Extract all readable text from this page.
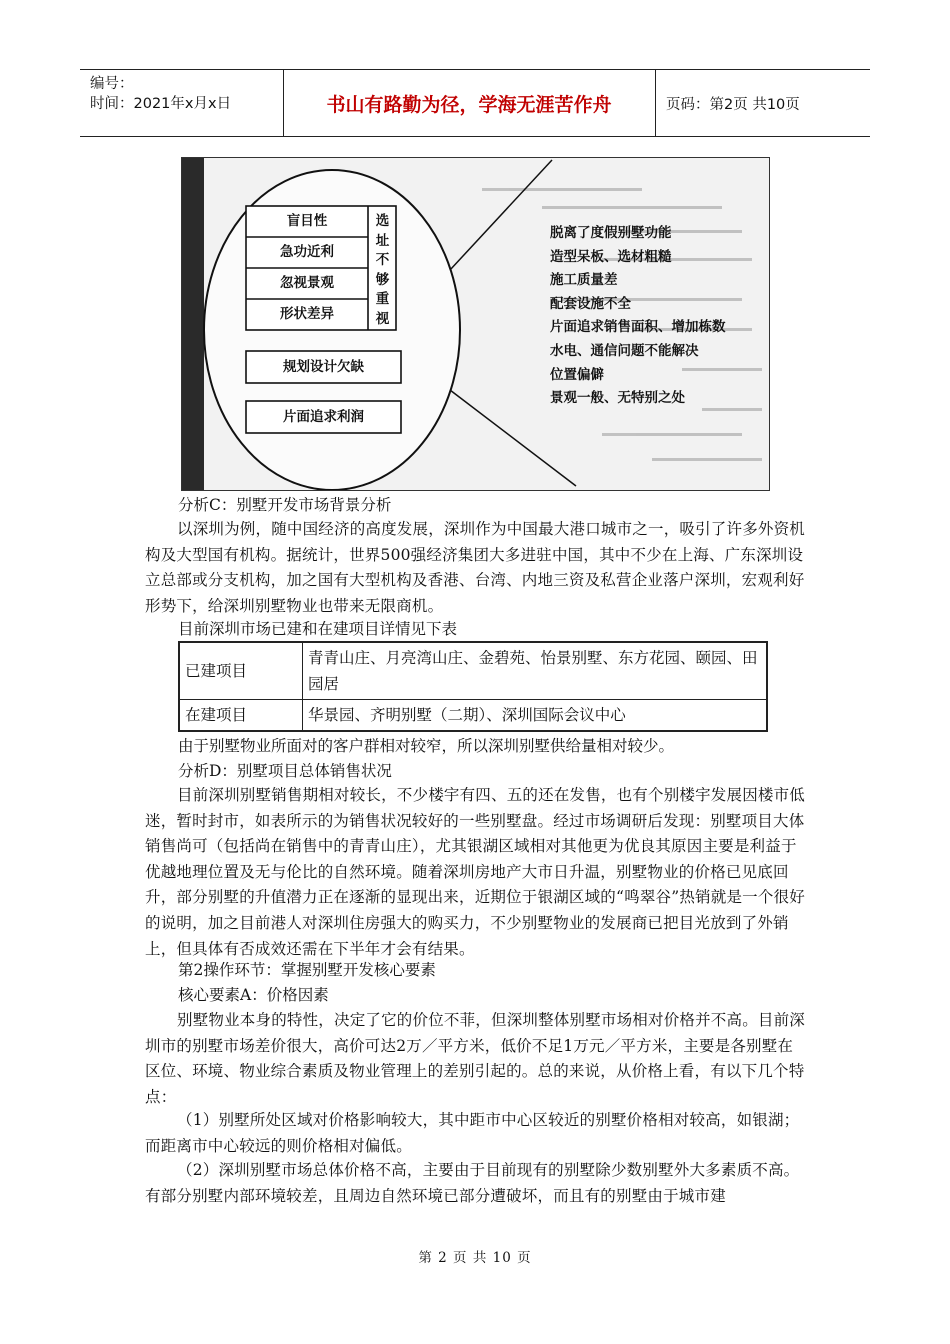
编号：
时间：2021年x月x日	书山有路勤为径，学海无涯苦作舟	页码：第2页 共10页
盲目性
急功近利
忽视景观
形状差异
选
址
不
够
重
视
规划设计欠缺
片面追求利润
脱离了度假别墅功能
造型呆板、选材粗糙
施工质量差
配套设施不全
片面追求销售面积、增加栋数
水电、通信问题不能解决
位置偏僻
景观一般、无特别之处
分析C：别墅开发市场背景分析
以深圳为例，随中国经济的高度发展，深圳作为中国最大港口城市之一，吸引了许多外资机构及大型国有机构。据统计，世界500强经济集团大多进驻中国，其中不少在上海、广东深圳设立总部或分支机构，加之国有大型机构及香港、台湾、内地三资及私营企业落户深圳，宏观利好形势下，给深圳别墅物业也带来无限商机。
目前深圳市场已建和在建项目详情见下表
已建项目	青青山庄、月亮湾山庄、金碧苑、怡景别墅、东方花园、颐园、田园居
在建项目	华景园、齐明别墅（二期）、深圳国际会议中心
由于别墅物业所面对的客户群相对较窄，所以深圳别墅供给量相对较少。
分析D：别墅项目总体销售状况
目前深圳别墅销售期相对较长，不少楼宇有四、五的还在发售，也有个别楼宇发展因楼市低迷，暂时封市，如表所示的为销售状况较好的一些别墅盘。经过市场调研后发现：别墅项目大体销售尚可（包括尚在销售中的青青山庄），尤其银湖区域相对其他更为优良其原因主要是利益于优越地理位置及无与伦比的自然环境。随着深圳房地产大市日升温，别墅物业的价格已见底回升，部分别墅的升值潜力正在逐渐的显现出来，近期位于银湖区域的“鸣翠谷”热销就是一个很好的说明，加之目前港人对深圳住房强大的购买力，不少别墅物业的发展商已把目光放到了外销上，但具体有否成效还需在下半年才会有结果。
第2操作环节：掌握别墅开发核心要素
核心要素A：价格因素
别墅物业本身的特性，决定了它的价位不菲，但深圳整体别墅市场相对价格并不高。目前深圳市的别墅市场差价很大，高价可达2万／平方米，低价不足1万元／平方米，主要是各别墅在区位、环境、物业综合素质及物业管理上的差别引起的。总的来说，从价格上看，有以下几个特点：
（1）别墅所处区域对价格影响较大，其中距市中心区较近的别墅价格相对较高，如银湖；而距离市中心较远的则价格相对偏低。
（2）深圳别墅市场总体价格不高，主要由于目前现有的别墅除少数别墅外大多素质不高。有部分别墅内部环境较差，且周边自然环境已部分遭破坏，而且有的别墅由于城市建
第 2 页 共 10 页
